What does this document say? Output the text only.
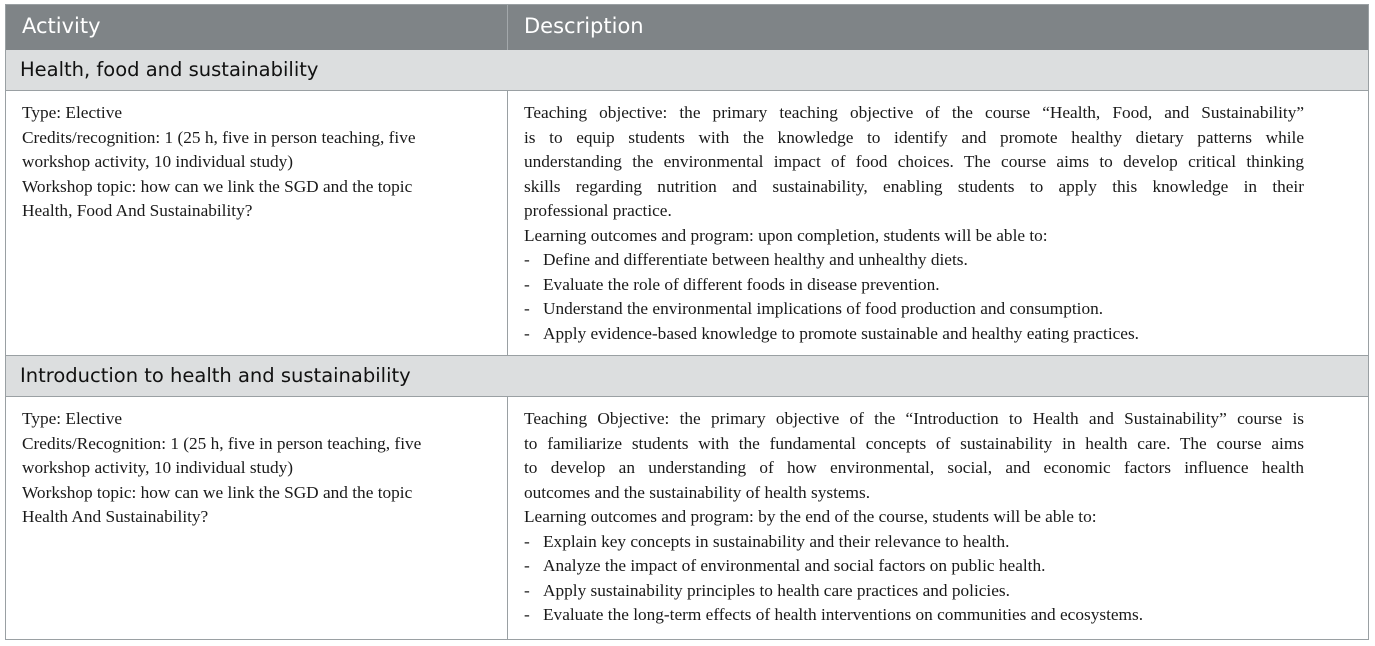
Activity	Description
Health, food and sustainability
Type: Elective
Credits/recognition: 1 (25 h, five in person teaching, five
workshop activity, 10 individual study)
Workshop topic: how can we link the SGD and the topic
Health, Food And Sustainability?
Teaching objective: the primary teaching objective of the course “Health, Food, and Sustainability”
is to equip students with the knowledge to identify and promote healthy dietary patterns while
understanding the environmental impact of food choices. The course aims to develop critical thinking
skills regarding nutrition and sustainability, enabling students to apply this knowledge in their
professional practice.
Learning outcomes and program: upon completion, students will be able to:
- Define and differentiate between healthy and unhealthy diets.
- Evaluate the role of different foods in disease prevention.
- Understand the environmental implications of food production and consumption.
- Apply evidence-based knowledge to promote sustainable and healthy eating practices.
Introduction to health and sustainability
Type: Elective
Credits/Recognition: 1 (25 h, five in person teaching, five
workshop activity, 10 individual study)
Workshop topic: how can we link the SGD and the topic
Health And Sustainability?
Teaching Objective: the primary objective of the “Introduction to Health and Sustainability” course is
to familiarize students with the fundamental concepts of sustainability in health care. The course aims
to develop an understanding of how environmental, social, and economic factors influence health
outcomes and the sustainability of health systems.
Learning outcomes and program: by the end of the course, students will be able to:
- Explain key concepts in sustainability and their relevance to health.
- Analyze the impact of environmental and social factors on public health.
- Apply sustainability principles to health care practices and policies.
- Evaluate the long-term effects of health interventions on communities and ecosystems.
